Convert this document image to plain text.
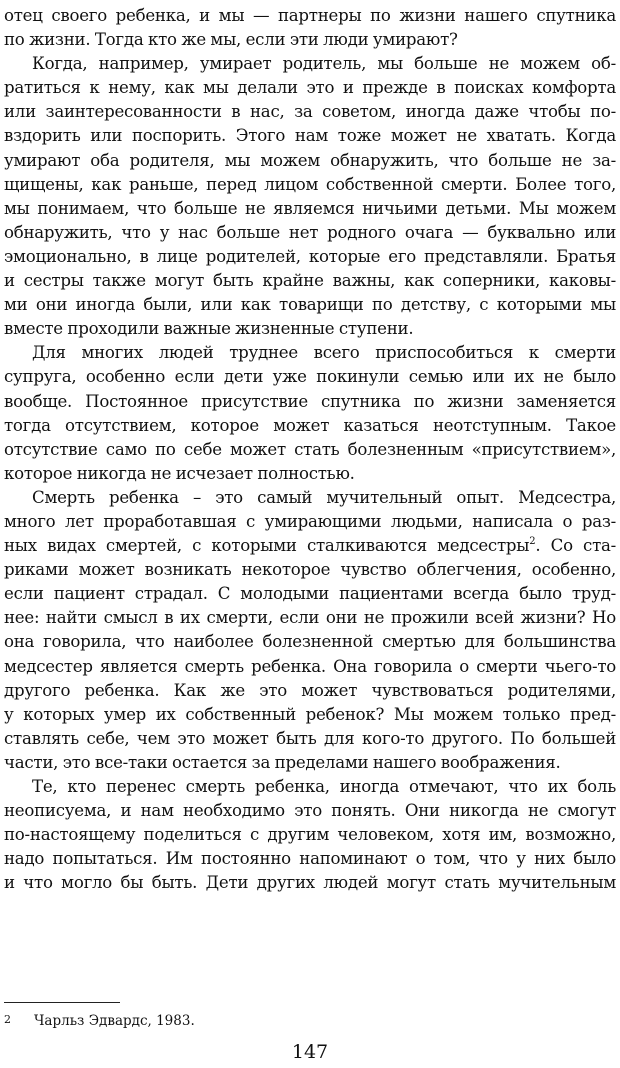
отец своего ребенка, и мы — партнеры по жизни нашего спутника
по жизни. Тогда кто же мы, если эти люди умирают?
Когда, например, умирает родитель, мы больше не можем об-
ратиться к нему, как мы делали это и прежде в поисках комфорта
или заинтересованности в нас, за советом, иногда даже чтобы по-
вздорить или поспорить. Этого нам тоже может не хватать. Когда
умирают оба родителя, мы можем обнаружить, что больше не за-
щищены, как раньше, перед лицом собственной смерти. Более того,
мы понимаем, что больше не являемся ничьими детьми. Мы можем
обнаружить, что у нас больше нет родного очага — буквально или
эмоционально, в лице родителей, которые его представляли. Братья
и сестры также могут быть крайне важны, как соперники, каковы-
ми они иногда были, или как товарищи по детству, с которыми мы
вместе проходили важные жизненные ступени.
Для многих людей труднее всего приспособиться к смерти
супруга, особенно если дети уже покинули семью или их не было
вообще. Постоянное присутствие спутника по жизни заменяется
тогда отсутствием, которое может казаться неотступным. Такое
отсутствие само по себе может стать болезненным «присутствием»,
которое никогда не исчезает полностью.
Смерть ребенка – это самый мучительный опыт. Медсестра,
много лет проработавшая с умирающими людьми, написала о раз-
ных видах смертей, с которыми сталкиваются медсестры$^2$. Со ста-
риками может возникать некоторое чувство облегчения, особенно,
если пациент страдал. С молодыми пациентами всегда было труд-
нее: найти смысл в их смерти, если они не прожили всей жизни? Но
она говорила, что наиболее болезненной смертью для большинства
медсестер является смерть ребенка. Она говорила о смерти чьего-то
другого ребенка. Как же это может чувствоваться родителями,
у которых умер их собственный ребенок? Мы можем только пред-
ставлять себе, чем это может быть для кого-то другого. По большей
части, это все-таки остается за пределами нашего воображения.
Те, кто перенес смерть ребенка, иногда отмечают, что их боль
неописуема, и нам необходимо это понять. Они никогда не смогут
по-настоящему поделиться с другим человеком, хотя им, возможно,
надо попытаться. Им постоянно напоминают о том, что у них было
и что могло бы быть. Дети других людей могут стать мучительным
2 Чарльз Эдвардс, 1983.
147
